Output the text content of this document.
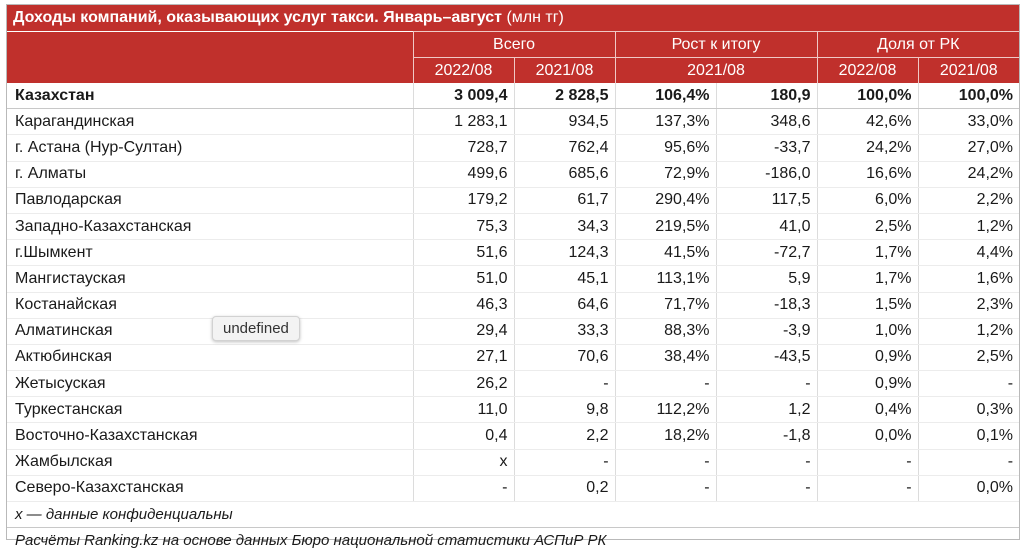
Доходы компаний, оказывающих услуг такси. Январь–август (млн тг)
	Всего		Рост к итогу		Доля от РК	
	2022/08	2021/08	2021/08		2022/08	2021/08
Казахстан	3 009,4	2 828,5	106,4%	180,9	100,0%	100,0%
Карагандинская	1 283,1	934,5	137,3%	348,6	42,6%	33,0%
г. Астана (Нур-Султан)	728,7	762,4	95,6%	-33,7	24,2%	27,0%
г. Алматы	499,6	685,6	72,9%	-186,0	16,6%	24,2%
Павлодарская	179,2	61,7	290,4%	117,5	6,0%	2,2%
Западно-Казахстанская	75,3	34,3	219,5%	41,0	2,5%	1,2%
г.Шымкент	51,6	124,3	41,5%	-72,7	1,7%	4,4%
Мангистауская	51,0	45,1	113,1%	5,9	1,7%	1,6%
Костанайская	46,3	64,6	71,7%	-18,3	1,5%	2,3%
Алматинская	29,4	33,3	88,3%	-3,9	1,0%	1,2%
Актюбинская	27,1	70,6	38,4%	-43,5	0,9%	2,5%
Жетысуская	26,2	-	-	-	0,9%	-
Туркестанская	11,0	9,8	112,2%	1,2	0,4%	0,3%
Восточно-Казахстанская	0,4	2,2	18,2%	-1,8	0,0%	0,1%
Жамбылская	x	-	-	-	-	-
Северо-Казахстанская	-	0,2	-	-	-	0,0%
x — данные конфиденциальны
Расчёты Ranking.kz на основе данных Бюро национальной статистики АСПиР РК
undefined
